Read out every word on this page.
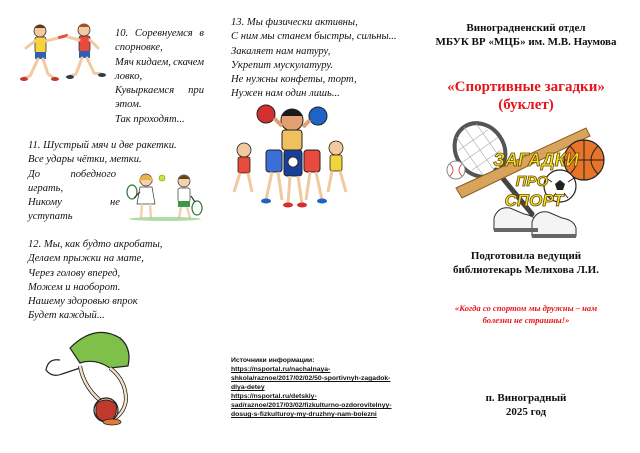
10. Соревнуемся в
спорновке,
Мяч кидаем, скачем
ловко,
Кувыркаемся при
этом.
Так проходят...
11. Шустрый мяч и две ракетки.
Все удары чётки, метки.
До	победного
играть,
Никому	не
уступать
12. Мы, как будто акробаты,
Делаем прыжки на мате,
Через голову вперед,
Можем и наоборот.
Нашему здоровью впрок
Будет каждый...
13. Мы физически активны,
С ним мы станем быстры, сильны...
Закаляет нам натуру,
Укрепит мускулатуру.
Не нужны конфеты, торт,
Нужен нам один лишь...
Источники информации:
https://nsportal.ru/nachalnaya-
shkola/raznoe/2017/02/02/50-sportivnyh-zagadok-
dlya-detey
https://nsportal.ru/detskiy-
sad/raznoe/2017/03/02/fizkulturno-ozdorovitelnyy-
dosug-s-fizkulturoy-my-druzhny-nam-bolezni
Виноградненский отдел
МБУК ВР «МЦБ» им. М.В. Наумова
«Спортивные загадки»
(буклет)
ЗАГАДКИ
ПРО
СПОРТ
Подготовила ведущий
библиотекарь Мелихова Л.И.
«Когда со спортом мы дружны – нам
болезни не страшны!»
п. Виноградный
2025 год
